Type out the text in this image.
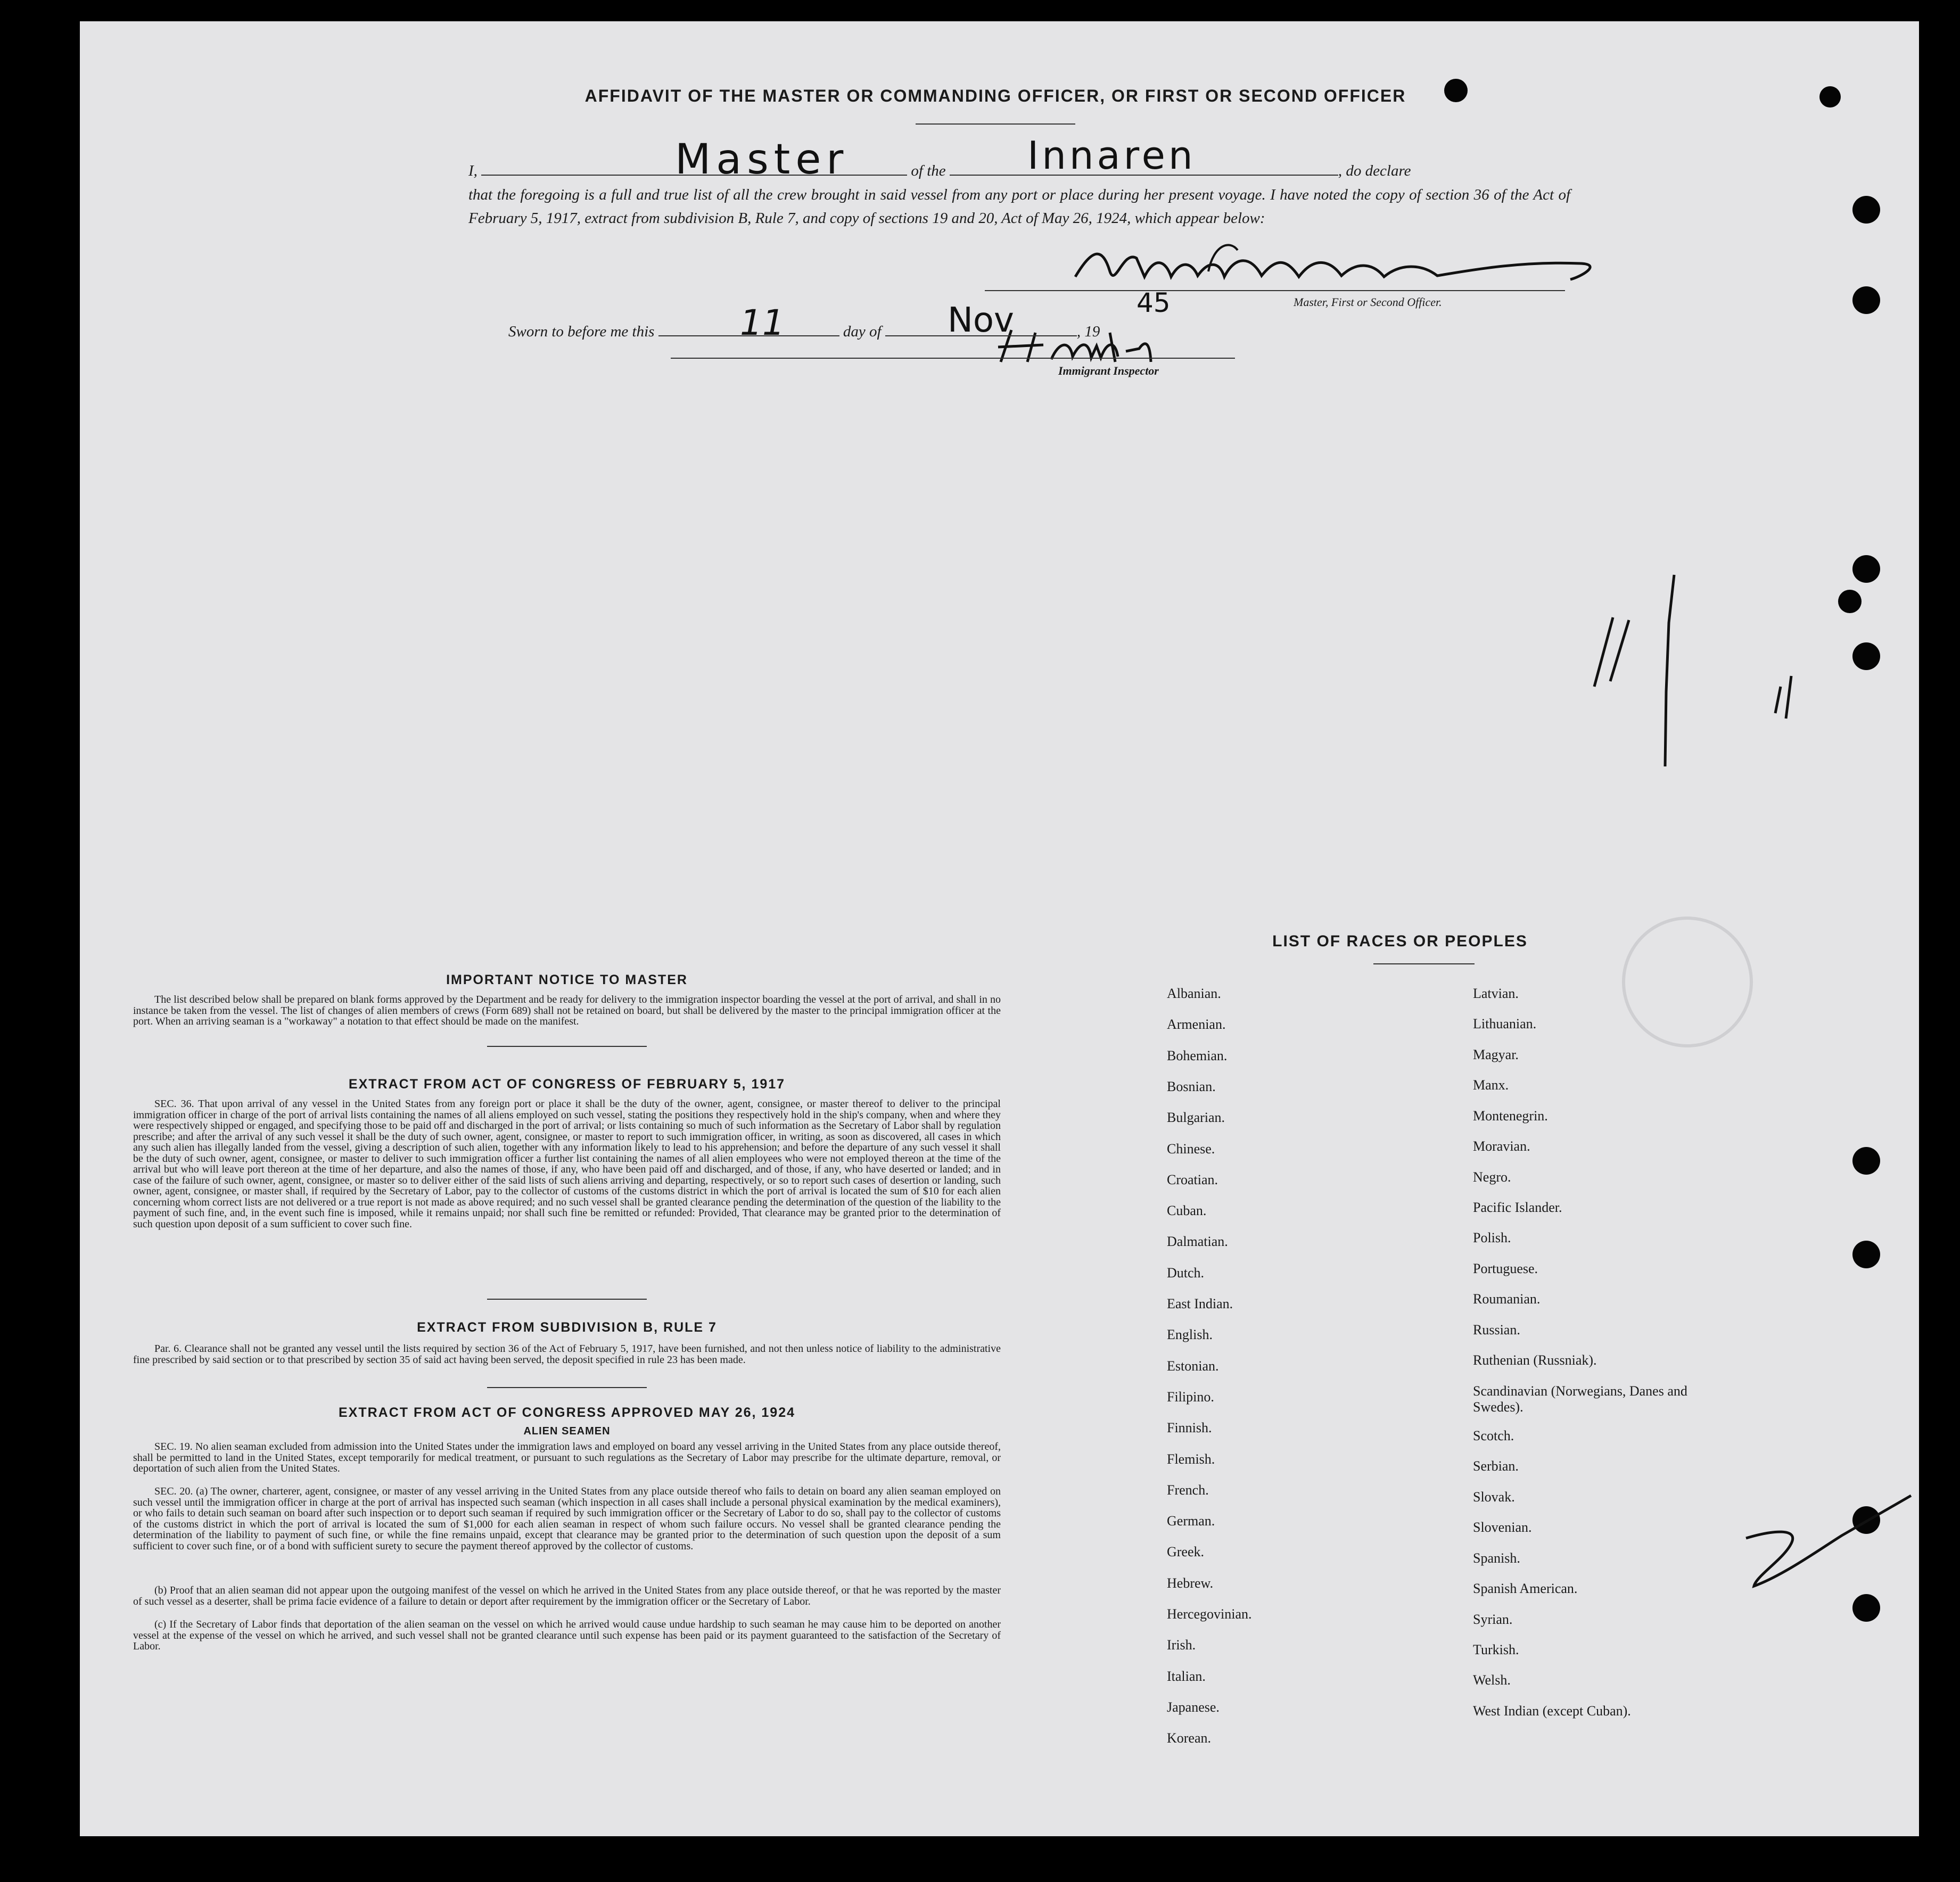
AFFIDAVIT OF THE MASTER OR COMMANDING OFFICER, OR FIRST OR SECOND OFFICER
I,	of the	, do declare
Master	Innaren
that the foregoing is a full and true list of all the crew brought in said vessel from any port or place during her present voyage. I have noted the copy of section 36 of the Act of February 5, 1917, extract from subdivision B, Rule 7, and copy of sections 19 and 20, Act of May 26, 1924, which appear below:
Master, First or Second Officer.
Sworn to before me this	day of	, 19
11	Nov	45
Immigrant Inspector
IMPORTANT NOTICE TO MASTER
The list described below shall be prepared on blank forms approved by the Department and be ready for delivery to the immigration inspector boarding the vessel at the port of arrival, and shall in no instance be taken from the vessel. The list of changes of alien members of crews (Form 689) shall not be retained on board, but shall be delivered by the master to the principal immigration officer at the port. When an arriving seaman is a "workaway" a notation to that effect should be made on the manifest.
EXTRACT FROM ACT OF CONGRESS OF FEBRUARY 5, 1917
SEC. 36. That upon arrival of any vessel in the United States from any foreign port or place it shall be the duty of the owner, agent, consignee, or master thereof to deliver to the principal immigration officer in charge of the port of arrival lists containing the names of all aliens employed on such vessel, stating the positions they respectively hold in the ship's company, when and where they were respectively shipped or engaged, and specifying those to be paid off and discharged in the port of arrival; or lists containing so much of such information as the Secretary of Labor shall by regulation prescribe; and after the arrival of any such vessel it shall be the duty of such owner, agent, consignee, or master to report to such immigration officer, in writing, as soon as discovered, all cases in which any such alien has illegally landed from the vessel, giving a description of such alien, together with any information likely to lead to his apprehension; and before the departure of any such vessel it shall be the duty of such owner, agent, consignee, or master to deliver to such immigration officer a further list containing the names of all alien employees who were not employed thereon at the time of the arrival but who will leave port thereon at the time of her departure, and also the names of those, if any, who have been paid off and discharged, and of those, if any, who have deserted or landed; and in case of the failure of such owner, agent, consignee, or master so to deliver either of the said lists of such aliens arriving and departing, respectively, or so to report such cases of desertion or landing, such owner, agent, consignee, or master shall, if required by the Secretary of Labor, pay to the collector of customs of the customs district in which the port of arrival is located the sum of $10 for each alien concerning whom correct lists are not delivered or a true report is not made as above required; and no such vessel shall be granted clearance pending the determination of the question of the liability to the payment of such fine, and, in the event such fine is imposed, while it remains unpaid; nor shall such fine be remitted or refunded: Provided, That clearance may be granted prior to the determination of such question upon deposit of a sum sufficient to cover such fine.
EXTRACT FROM SUBDIVISION B, RULE 7
Par. 6. Clearance shall not be granted any vessel until the lists required by section 36 of the Act of February 5, 1917, have been furnished, and not then unless notice of liability to the administrative fine prescribed by said section or to that prescribed by section 35 of said act having been served, the deposit specified in rule 23 has been made.
EXTRACT FROM ACT OF CONGRESS APPROVED MAY 26, 1924
ALIEN SEAMEN
SEC. 19. No alien seaman excluded from admission into the United States under the immigration laws and employed on board any vessel arriving in the United States from any place outside thereof, shall be permitted to land in the United States, except temporarily for medical treatment, or pursuant to such regulations as the Secretary of Labor may prescribe for the ultimate departure, removal, or deportation of such alien from the United States.
SEC. 20. (a) The owner, charterer, agent, consignee, or master of any vessel arriving in the United States from any place outside thereof who fails to detain on board any alien seaman employed on such vessel until the immigration officer in charge at the port of arrival has inspected such seaman (which inspection in all cases shall include a personal physical examination by the medical examiners), or who fails to detain such seaman on board after such inspection or to deport such seaman if required by such immigration officer or the Secretary of Labor to do so, shall pay to the collector of customs of the customs district in which the port of arrival is located the sum of $1,000 for each alien seaman in respect of whom such failure occurs. No vessel shall be granted clearance pending the determination of the liability to payment of such fine, or while the fine remains unpaid, except that clearance may be granted prior to the determination of such question upon the deposit of a sum sufficient to cover such fine, or of a bond with sufficient surety to secure the payment thereof approved by the collector of customs.
(b) Proof that an alien seaman did not appear upon the outgoing manifest of the vessel on which he arrived in the United States from any place outside thereof, or that he was reported by the master of such vessel as a deserter, shall be prima facie evidence of a failure to detain or deport after requirement by the immigration officer or the Secretary of Labor.
(c) If the Secretary of Labor finds that deportation of the alien seaman on the vessel on which he arrived would cause undue hardship to such seaman he may cause him to be deported on another vessel at the expense of the vessel on which he arrived, and such vessel shall not be granted clearance until such expense has been paid or its payment guaranteed to the satisfaction of the Secretary of Labor.
LIST OF RACES OR PEOPLES
Albanian.
Armenian.
Bohemian.
Bosnian.
Bulgarian.
Chinese.
Croatian.
Cuban.
Dalmatian.
Dutch.
East Indian.
English.
Estonian.
Filipino.
Finnish.
Flemish.
French.
German.
Greek.
Hebrew.
Hercegovinian.
Irish.
Italian.
Japanese.
Korean.
Latvian.
Lithuanian.
Magyar.
Manx.
Montenegrin.
Moravian.
Negro.
Pacific Islander.
Polish.
Portuguese.
Roumanian.
Russian.
Ruthenian (Russniak).
Scandinavian (Norwegians, Danes and Swedes).
Scotch.
Serbian.
Slovak.
Slovenian.
Spanish.
Spanish American.
Syrian.
Turkish.
Welsh.
West Indian (except Cuban).
